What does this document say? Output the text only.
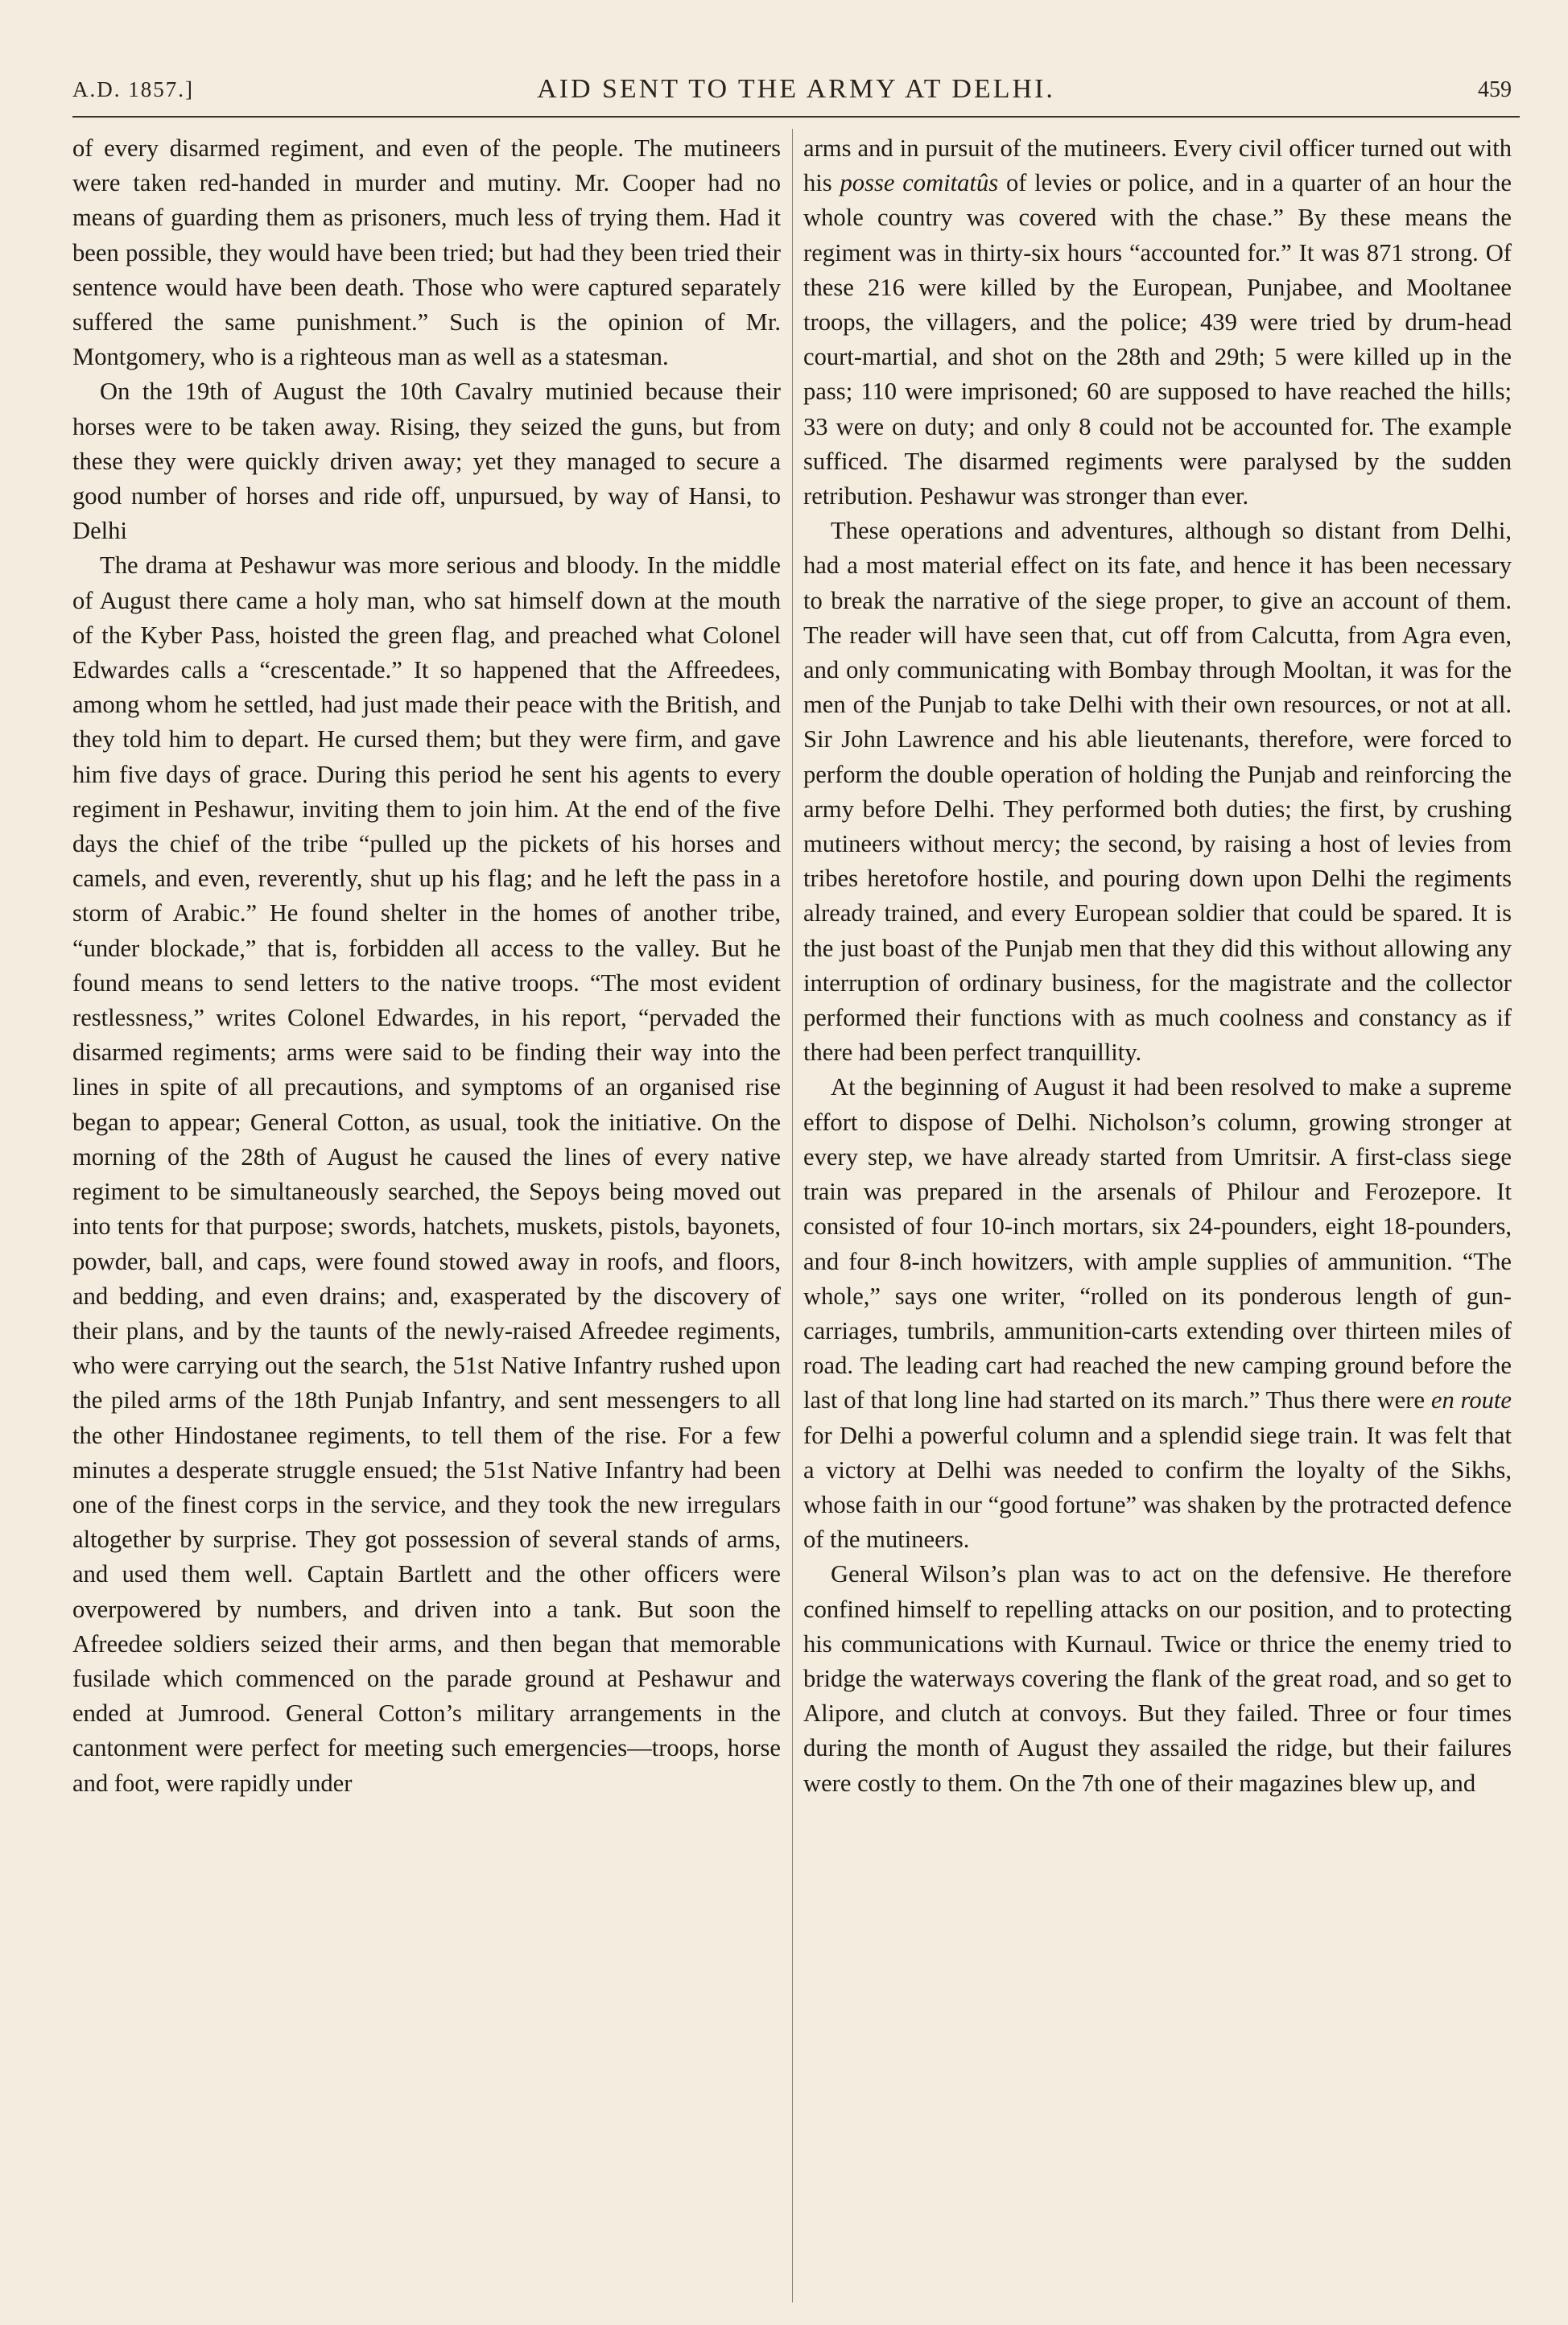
A.D. 1857.]	AID SENT TO THE ARMY AT DELHI.	459

of every disarmed regiment, and even of the people. The mutineers were taken red-handed in murder and mutiny. Mr. Cooper had no means of guarding them as prisoners, much less of trying them. Had it been possible, they would have been tried; but had they been tried their sentence would have been death. Those who were captured separately suffered the same punishment.” Such is the opinion of Mr. Montgomery, who is a righteous man as well as a statesman.

On the 19th of August the 10th Cavalry mutinied because their horses were to be taken away. Rising, they seized the guns, but from these they were quickly driven away; yet they managed to secure a good number of horses and ride off, unpursued, by way of Hansi, to Delhi

The drama at Peshawur was more serious and bloody. In the middle of August there came a holy man, who sat himself down at the mouth of the Kyber Pass, hoisted the green flag, and preached what Colonel Edwardes calls a “crescentade.” It so happened that the Affreedees, among whom he settled, had just made their peace with the British, and they told him to depart. He cursed them; but they were firm, and gave him five days of grace. During this period he sent his agents to every regiment in Peshawur, inviting them to join him. At the end of the five days the chief of the tribe “pulled up the pickets of his horses and camels, and even, reverently, shut up his flag; and he left the pass in a storm of Arabic.” He found shelter in the homes of another tribe, “under blockade,” that is, forbidden all access to the valley. But he found means to send letters to the native troops. “The most evident restlessness,” writes Colonel Edwardes, in his report, “pervaded the disarmed regiments; arms were said to be finding their way into the lines in spite of all precautions, and symptoms of an organised rise began to appear; General Cotton, as usual, took the initiative. On the morning of the 28th of August he caused the lines of every native regiment to be simultaneously searched, the Sepoys being moved out into tents for that purpose; swords, hatchets, muskets, pistols, bayonets, powder, ball, and caps, were found stowed away in roofs, and floors, and bedding, and even drains; and, exasperated by the discovery of their plans, and by the taunts of the newly-raised Afreedee regiments, who were carrying out the search, the 51st Native Infantry rushed upon the piled arms of the 18th Punjab Infantry, and sent messengers to all the other Hindostanee regiments, to tell them of the rise. For a few minutes a desperate struggle ensued; the 51st Native Infantry had been one of the finest corps in the service, and they took the new irregulars altogether by surprise. They got possession of several stands of arms, and used them well. Captain Bartlett and the other officers were overpowered by numbers, and driven into a tank. But soon the Afreedee soldiers seized their arms, and then began that memorable fusilade which commenced on the parade ground at Peshawur and ended at Jumrood. General Cotton’s military arrangements in the cantonment were perfect for meeting such emergencies—troops, horse and foot, were rapidly under

arms and in pursuit of the mutineers. Every civil officer turned out with his posse comitatûs of levies or police, and in a quarter of an hour the whole country was covered with the chase.” By these means the regiment was in thirty-six hours “accounted for.” It was 871 strong. Of these 216 were killed by the European, Punjabee, and Mooltanee troops, the villagers, and the police; 439 were tried by drum-head court-martial, and shot on the 28th and 29th; 5 were killed up in the pass; 110 were imprisoned; 60 are supposed to have reached the hills; 33 were on duty; and only 8 could not be accounted for. The example sufficed. The disarmed regiments were paralysed by the sudden retribution. Peshawur was stronger than ever.

These operations and adventures, although so distant from Delhi, had a most material effect on its fate, and hence it has been necessary to break the narrative of the siege proper, to give an account of them. The reader will have seen that, cut off from Calcutta, from Agra even, and only communicating with Bombay through Mooltan, it was for the men of the Punjab to take Delhi with their own resources, or not at all. Sir John Lawrence and his able lieutenants, therefore, were forced to perform the double operation of holding the Punjab and reinforcing the army before Delhi. They performed both duties; the first, by crushing mutineers without mercy; the second, by raising a host of levies from tribes heretofore hostile, and pouring down upon Delhi the regiments already trained, and every European soldier that could be spared. It is the just boast of the Punjab men that they did this without allowing any interruption of ordinary business, for the magistrate and the collector performed their functions with as much coolness and constancy as if there had been perfect tranquillity.

At the beginning of August it had been resolved to make a supreme effort to dispose of Delhi. Nicholson’s column, growing stronger at every step, we have already started from Umritsir. A first-class siege train was prepared in the arsenals of Philour and Ferozepore. It consisted of four 10-inch mortars, six 24-pounders, eight 18-pounders, and four 8-inch howitzers, with ample supplies of ammunition. “The whole,” says one writer, “rolled on its ponderous length of gun-carriages, tumbrils, ammunition-carts extending over thirteen miles of road. The leading cart had reached the new camping ground before the last of that long line had started on its march.” Thus there were en route for Delhi a powerful column and a splendid siege train. It was felt that a victory at Delhi was needed to confirm the loyalty of the Sikhs, whose faith in our “good fortune” was shaken by the protracted defence of the mutineers.

General Wilson’s plan was to act on the defensive. He therefore confined himself to repelling attacks on our position, and to protecting his communications with Kurnaul. Twice or thrice the enemy tried to bridge the waterways covering the flank of the great road, and so get to Alipore, and clutch at convoys. But they failed. Three or four times during the month of August they assailed the ridge, but their failures were costly to them. On the 7th one of their magazines blew up, and
